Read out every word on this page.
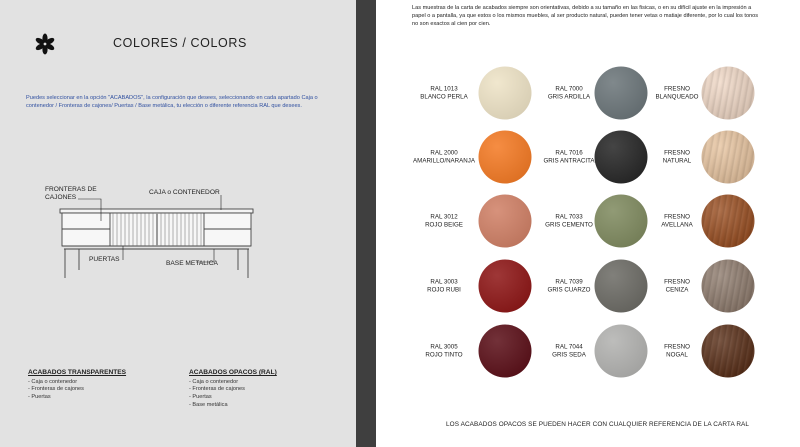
COLORES / COLORS
Puedes seleccionar en la opción "ACABADOS", la configuración que desees, seleccionando en cada apartado Caja o contenedor / Fronteras de cajones/ Puertas / Base metálica, tu elección o diferente referencia RAL que desees.
FRONTERAS DE
CAJONES
CAJA o CONTENEDOR
PUERTAS
BASE METALICA
ACABADOS TRANSPARENTES
- Caja o contenedor
- Fronteras de cajones
- Puertas
ACABADOS OPACOS (RAL)
- Caja o contenedor
- Fronteras de cajones
- Puertas
- Base metálica
Las muestras de la carta de acabados siempre son orientativas, debido a su tamaño en las fisicas, o en su difícil ajuste en la impresión a papel o a pantalla, ya que estos o los mismos muebles, al ser producto natural, pueden tener vetas o matiaje diferente, por lo cual los tonos no son exactos al cien por cien.
RAL 1013
BLANCO PERLA
RAL 7000
GRIS ARDILLA
FRESNO
BLANQUEADO
RAL 2000
AMARILLO/NARANJA
RAL 7016
GRIS ANTRACITA
FRESNO
NATURAL
RAL 3012
ROJO BEIGE
RAL 7033
GRIS CEMENTO
FRESNO
AVELLANA
RAL 3003
ROJO RUBI
RAL 7039
GRIS CUARZO
FRESNO
CENIZA
RAL 3005
ROJO TINTO
RAL 7044
GRIS SEDA
FRESNO
NOGAL
LOS ACABADOS OPACOS SE PUEDEN HACER CON CUALQUIER REFERENCIA DE LA CARTA RAL
